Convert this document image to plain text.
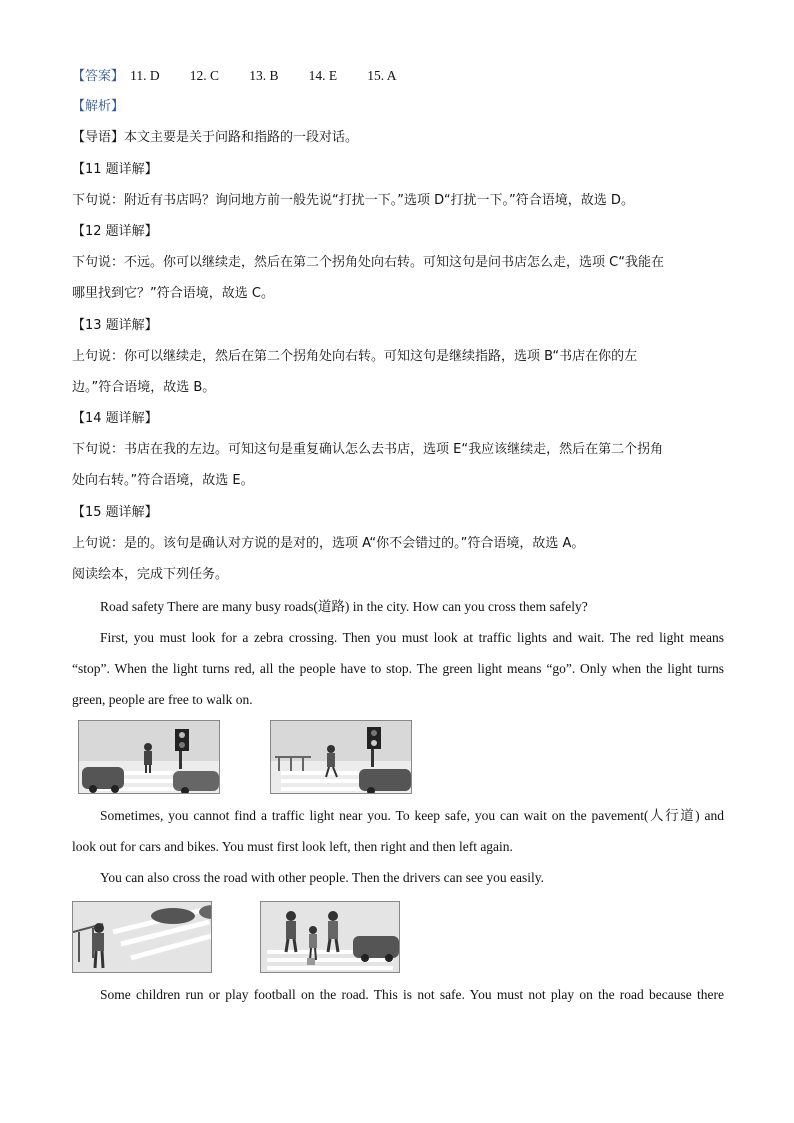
【答案】 11. D 12. C 13. B 14. E 15. A
【解析】
【导语】本文主要是关于问路和指路的一段对话。
【11 题详解】
下句说：附近有书店吗？询问地方前一般先说“打扰一下。”选项 D“打扰一下。”符合语境，故选 D。
【12 题详解】
下句说：不远。你可以继续走，然后在第二个拐角处向右转。可知这句是问书店怎么走，选项 C“我能在
哪里找到它？”符合语境，故选 C。
【13 题详解】
上句说：你可以继续走，然后在第二个拐角处向右转。可知这句是继续指路，选项 B“书店在你的左
边。”符合语境，故选 B。
【14 题详解】
下句说：书店在我的左边。可知这句是重复确认怎么去书店，选项 E“我应该继续走，然后在第二个拐角
处向右转。”符合语境，故选 E。
【15 题详解】
上句说：是的。该句是确认对方说的是对的，选项 A“你不会错过的。”符合语境，故选 A。
阅读绘本，完成下列任务。
Road safety There are many busy roads(道路) in the city. How can you cross them safely?
First, you must look for a zebra crossing. Then you must look at traffic lights and wait. The red light means
“stop”. When the light turns red, all the people have to stop. The green light means “go”. Only when the light turns
green, people are free to walk on.
Sometimes, you cannot find a traffic light near you. To keep safe, you can wait on the pavement(人行道) and
look out for cars and bikes. You must first look left, then right and then left again.
You can also cross the road with other people. Then the drivers can see you easily.
Some children run or play football on the road. This is not safe. You must not play on the road because there
